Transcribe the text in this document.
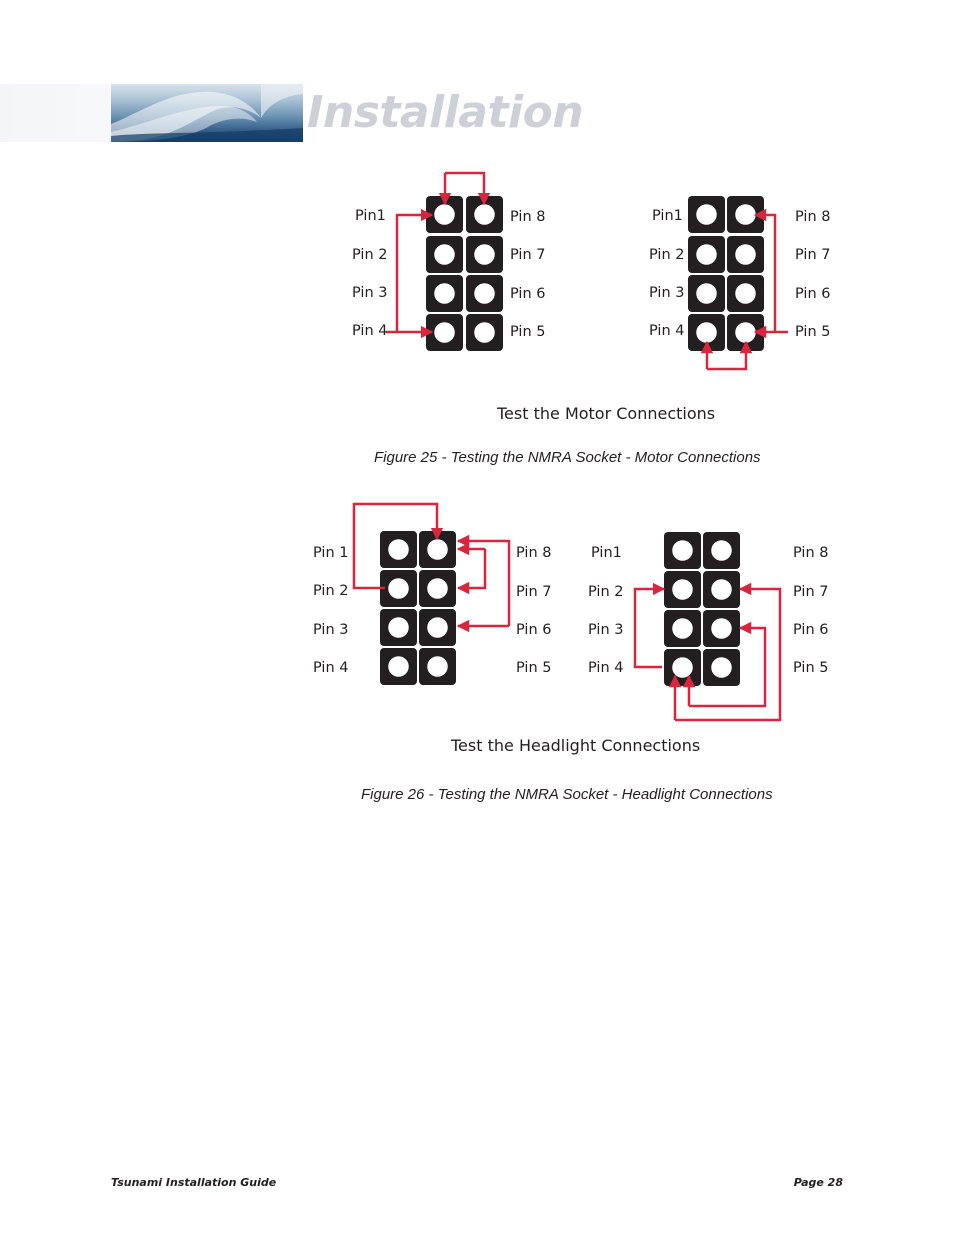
Installation
Pin1
Pin 2
Pin 3
Pin 4
Pin 8
Pin 7
Pin 6
Pin 5
Pin1
Pin 2
Pin 3
Pin 4
Pin 8
Pin 7
Pin 6
Pin 5
Test the Motor Connections
Figure 25 - Testing the NMRA Socket - Motor Connections
Pin 1
Pin 2
Pin 3
Pin 4
Pin 8
Pin 7
Pin 6
Pin 5
Pin1
Pin 2
Pin 3
Pin 4
Pin 8
Pin 7
Pin 6
Pin 5
Test the Headlight Connections
Figure 26 - Testing the NMRA Socket - Headlight Connections
Tsunami Installation Guide	Page 28
